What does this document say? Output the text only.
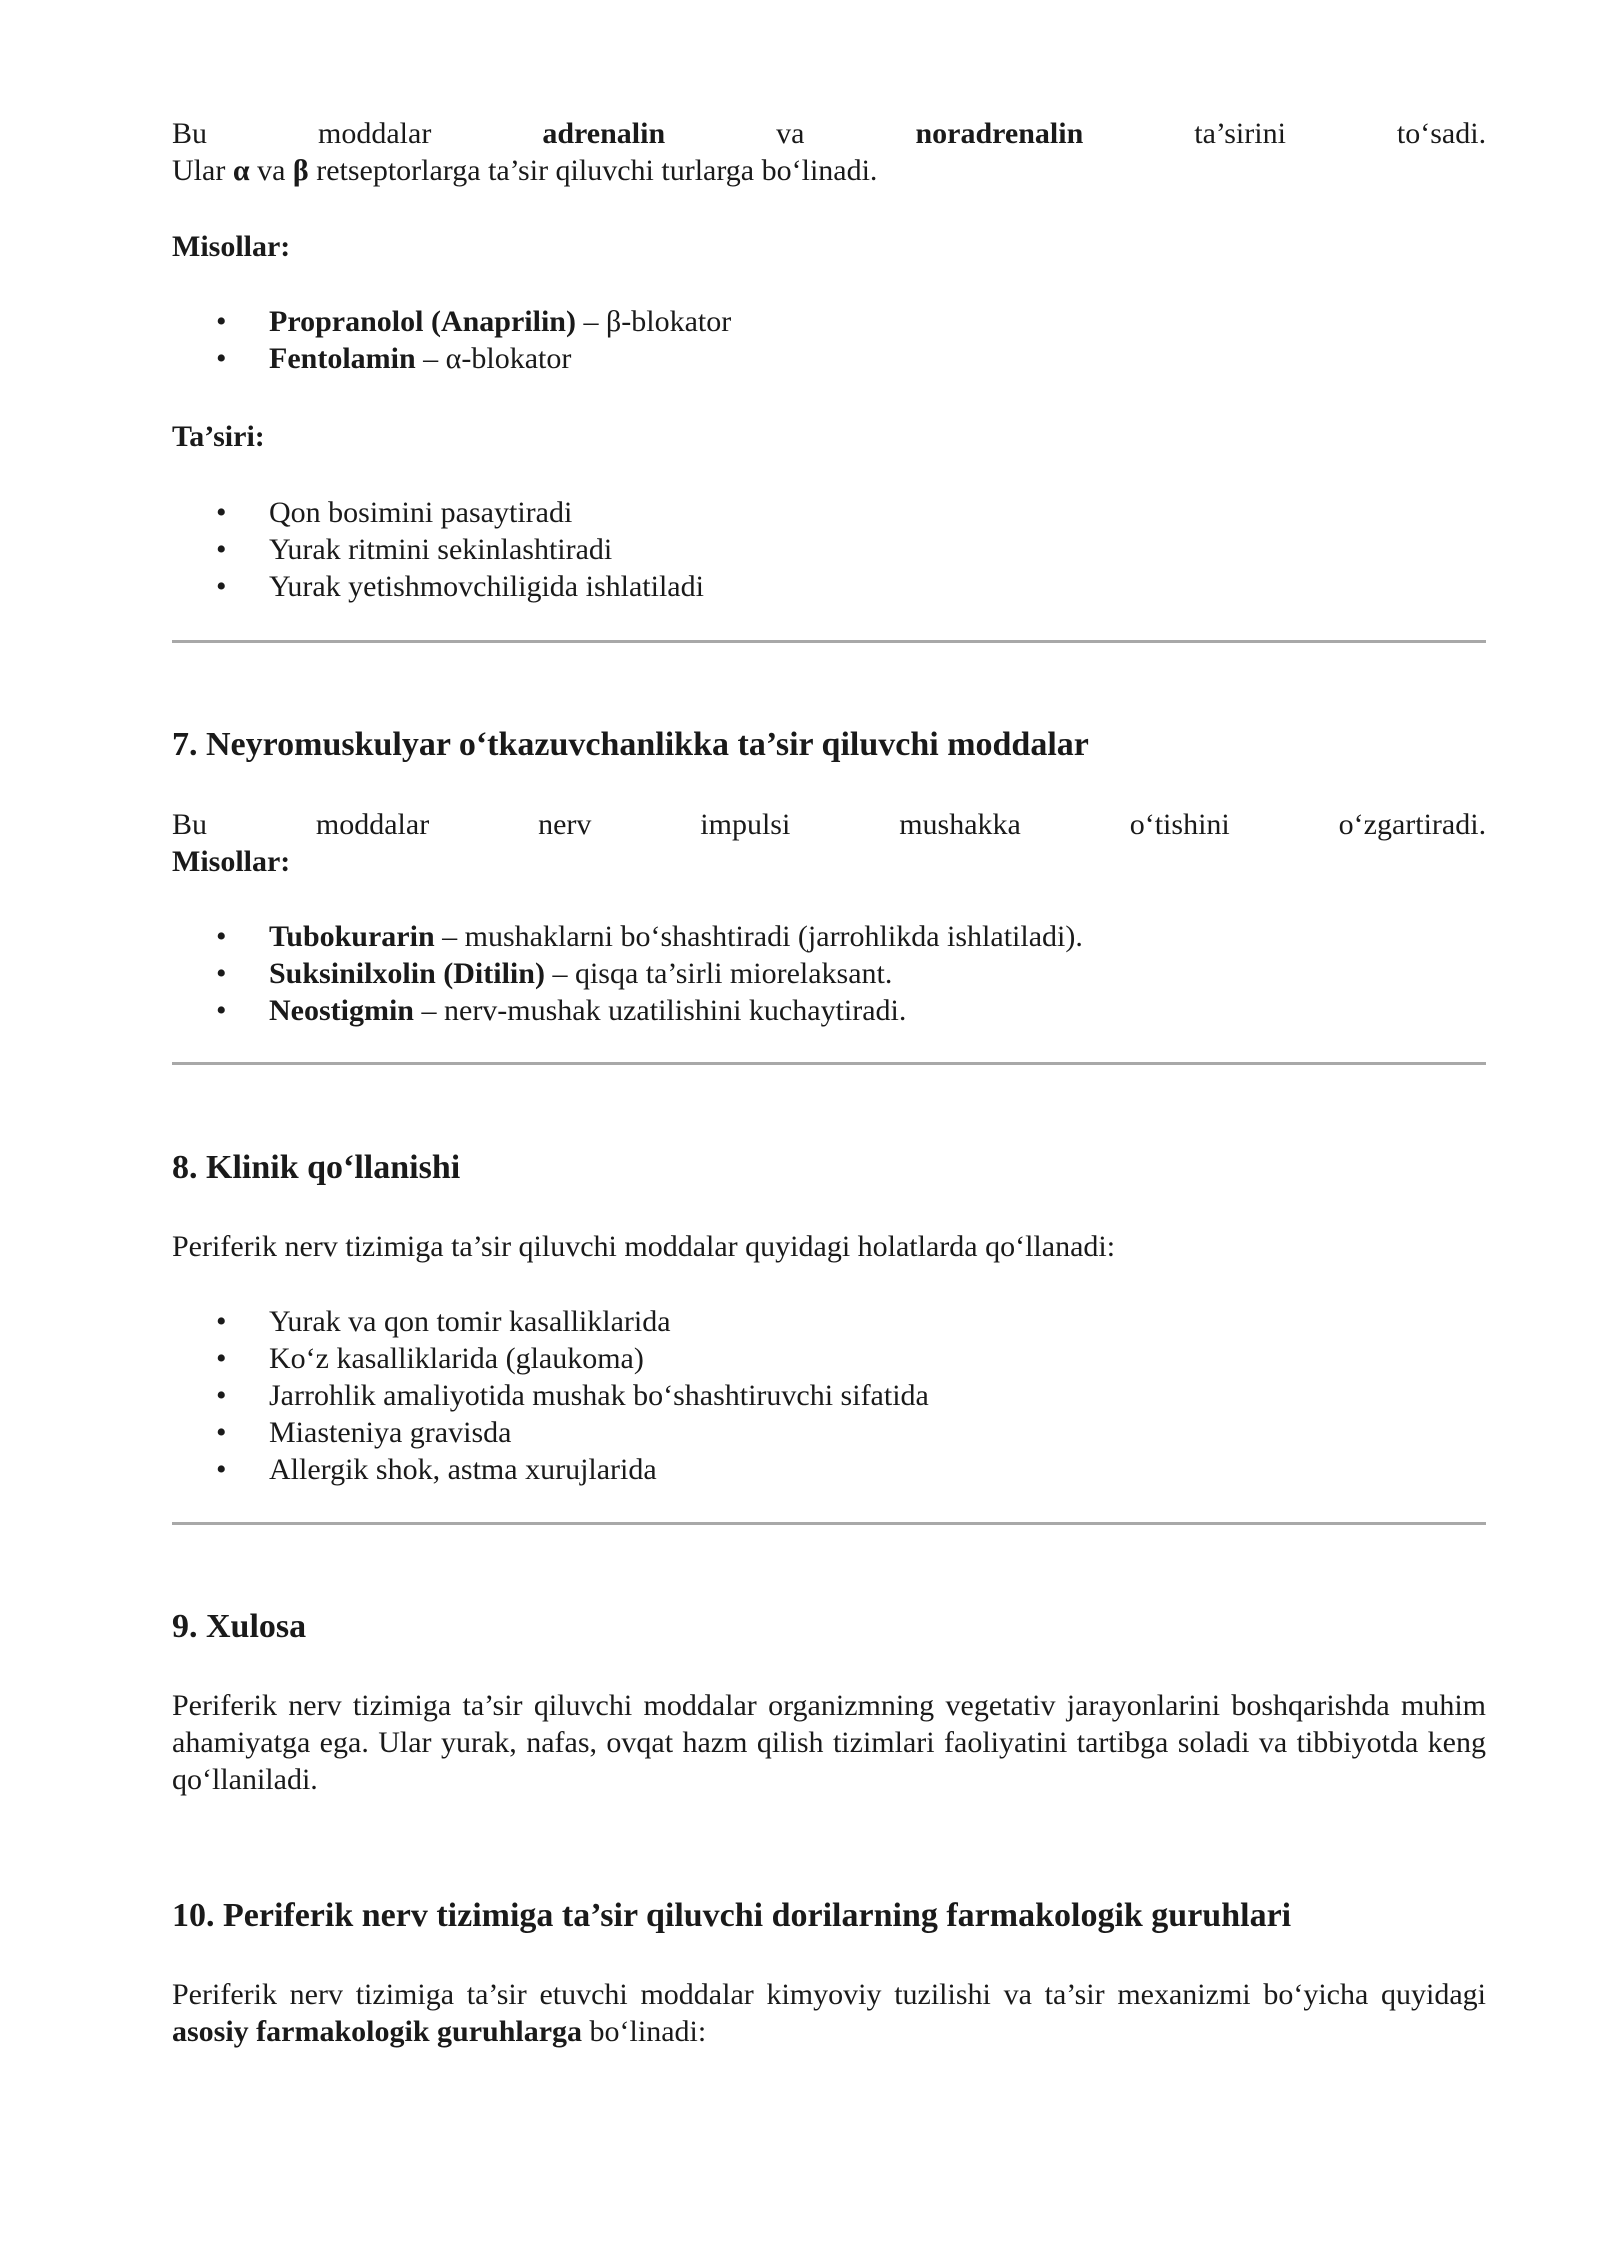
Bu	moddalar	adrenalin	va	noradrenalin	ta’sirini	to‘sadi.
Ular α va β retseptorlarga ta’sir qiluvchi turlarga bo‘linadi.
Misollar:
• Propranolol (Anaprilin) – β-blokator
• Fentolamin – α-blokator
Ta’siri:
• Qon bosimini pasaytiradi
• Yurak ritmini sekinlashtiradi
• Yurak yetishmovchiligida ishlatiladi
7. Neyromuskulyar o‘tkazuvchanlikka ta’sir qiluvchi moddalar
Bu	moddalar	nerv	impulsi	mushakka	o‘tishini	o‘zgartiradi.
Misollar:
• Tubokurarin – mushaklarni bo‘shashtiradi (jarrohlikda ishlatiladi).
• Suksinilxolin (Ditilin) – qisqa ta’sirli miorelaksant.
• Neostigmin – nerv-mushak uzatilishini kuchaytiradi.
8. Klinik qo‘llanishi
Periferik nerv tizimiga ta’sir qiluvchi moddalar quyidagi holatlarda qo‘llanadi:
• Yurak va qon tomir kasalliklarida
• Ko‘z kasalliklarida (glaukoma)
• Jarrohlik amaliyotida mushak bo‘shashtiruvchi sifatida
• Miasteniya gravisda
• Allergik shok, astma xurujlarida
9. Xulosa
Periferik nerv tizimiga ta’sir qiluvchi moddalar organizmning vegetativ jarayonlarini boshqarishda muhim ahamiyatga ega. Ular yurak, nafas, ovqat hazm qilish tizimlari faoliyatini tartibga soladi va tibbiyotda keng qo‘llaniladi.
10. Periferik nerv tizimiga ta’sir qiluvchi dorilarning farmakologik guruhlari
Periferik nerv tizimiga ta’sir etuvchi moddalar kimyoviy tuzilishi va ta’sir mexanizmi bo‘yicha quyidagi asosiy farmakologik guruhlarga bo‘linadi:
